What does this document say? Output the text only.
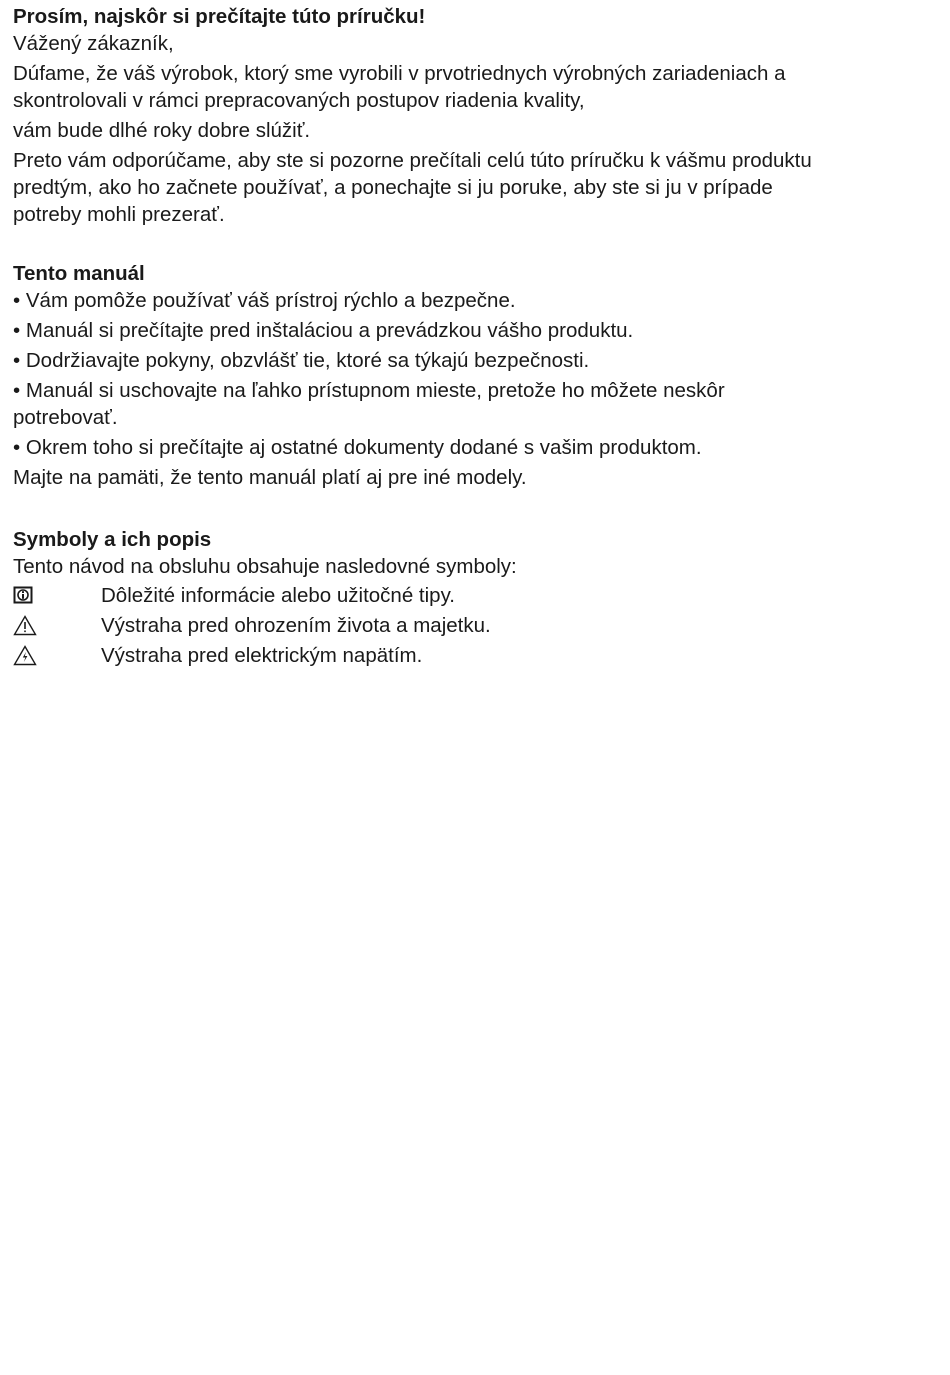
Prosím, najskôr si prečítajte túto príručku!

Vážený zákazník,

Dúfame, že váš výrobok, ktorý sme vyrobili v prvotriednych výrobných zariadeniach a

skontrolovali v rámci prepracovaných postupov riadenia kvality,

vám bude dlhé roky dobre slúžiť.

Preto vám odporúčame, aby ste si pozorne prečítali celú túto príručku k vášmu produktu

predtým, ako ho začnete používať, a ponechajte si ju poruke, aby ste si ju v prípade

potreby mohli prezerať.

Tento manuál

• Vám pomôže používať váš prístroj rýchlo a bezpečne.

• Manuál si prečítajte pred inštaláciou a prevádzkou vášho produktu.

• Dodržiavajte pokyny, obzvlášť tie, ktoré sa týkajú bezpečnosti.

• Manuál si uschovajte na ľahko prístupnom mieste, pretože ho môžete neskôr

potrebovať.

• Okrem toho si prečítajte aj ostatné dokumenty dodané s vašim produktom.

Majte na pamäti, že tento manuál platí aj pre iné modely.

Symboly a ich popis

Tento návod na obsluhu obsahuje nasledovné symboly:

Dôležité informácie alebo užitočné tipy.
Výstraha pred ohrozením života a majetku.
Výstraha pred elektrickým napätím.
